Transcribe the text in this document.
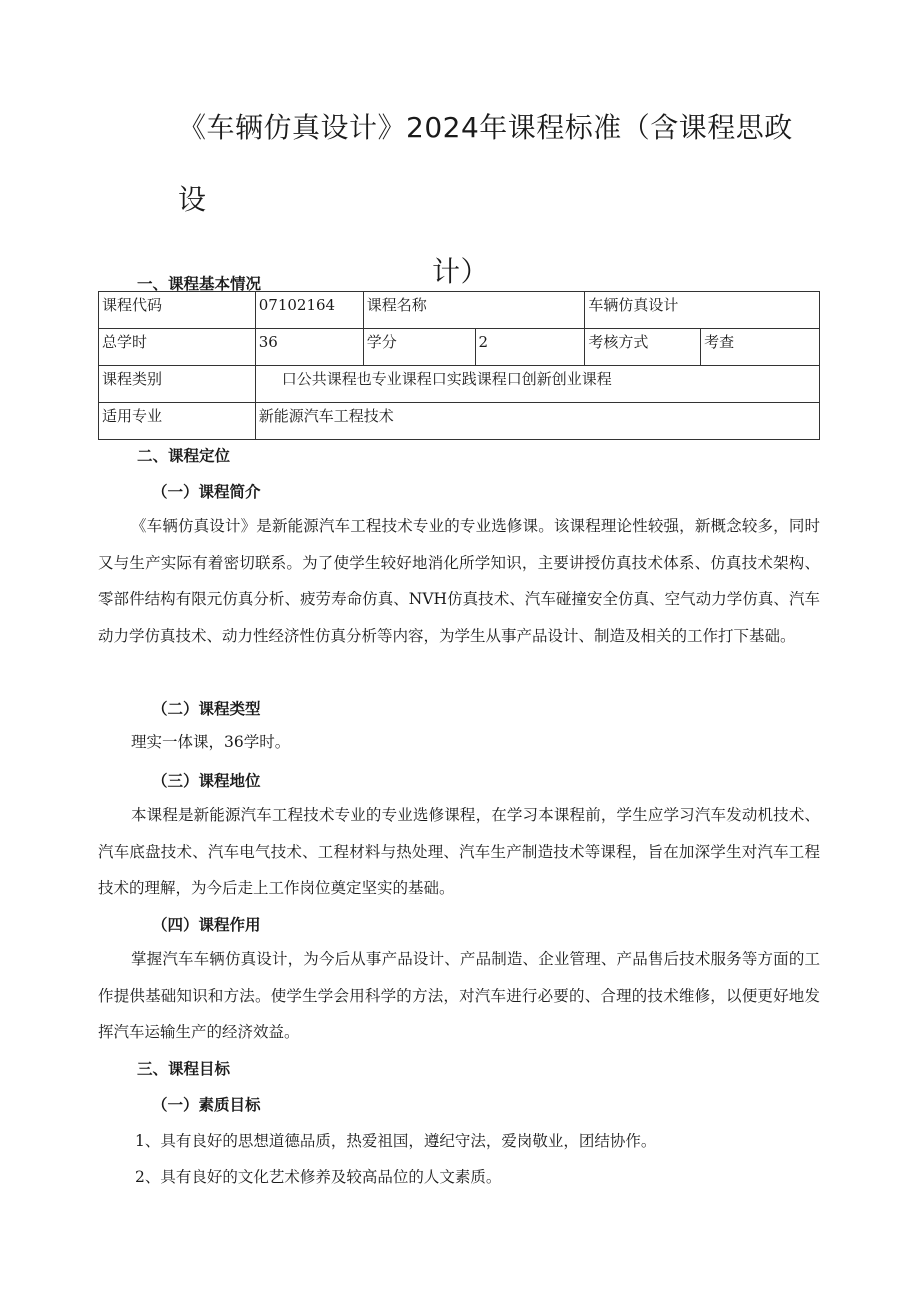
《车辆仿真设计》2024年课程标准（含课程思政设
计）
一、课程基本情况
课程代码	07102164	课程名称		车辆仿真设计	
总学时	36	学分	2	考核方式	考查
课程类别	口公共课程也专业课程口实践课程口创新创业课程				
适用专业	新能源汽车工程技术				
二、课程定位
（一）课程简介

《车辆仿真设计》是新能源汽车工程技术专业的专业选修课。该课程理论性较强，新概念较多，同时又与生产实际有着密切联系。为了使学生较好地消化所学知识，主要讲授仿真技术体系、仿真技术架构、零部件结构有限元仿真分析、疲劳寿命仿真、NVH仿真技术、汽车碰撞安全仿真、空气动力学仿真、汽车动力学仿真技术、动力性经济性仿真分析等内容，为学生从事产品设计、制造及相关的工作打下基础。

（二）课程类型

理实一体课，36学时。

（三）课程地位

本课程是新能源汽车工程技术专业的专业选修课程，在学习本课程前，学生应学习汽车发动机技术、汽车底盘技术、汽车电气技术、工程材料与热处理、汽车生产制造技术等课程，旨在加深学生对汽车工程技术的理解，为今后走上工作岗位奠定坚实的基础。

（四）课程作用

掌握汽车车辆仿真设计，为今后从事产品设计、产品制造、企业管理、产品售后技术服务等方面的工作提供基础知识和方法。使学生学会用科学的方法，对汽车进行必要的、合理的技术维修，以便更好地发挥汽车运输生产的经济效益。

三、课程目标
（一）素质目标
1、具有良好的思想道德品质，热爱祖国，遵纪守法，爱岗敬业，团结协作。
2、具有良好的文化艺术修养及较高品位的人文素质。
